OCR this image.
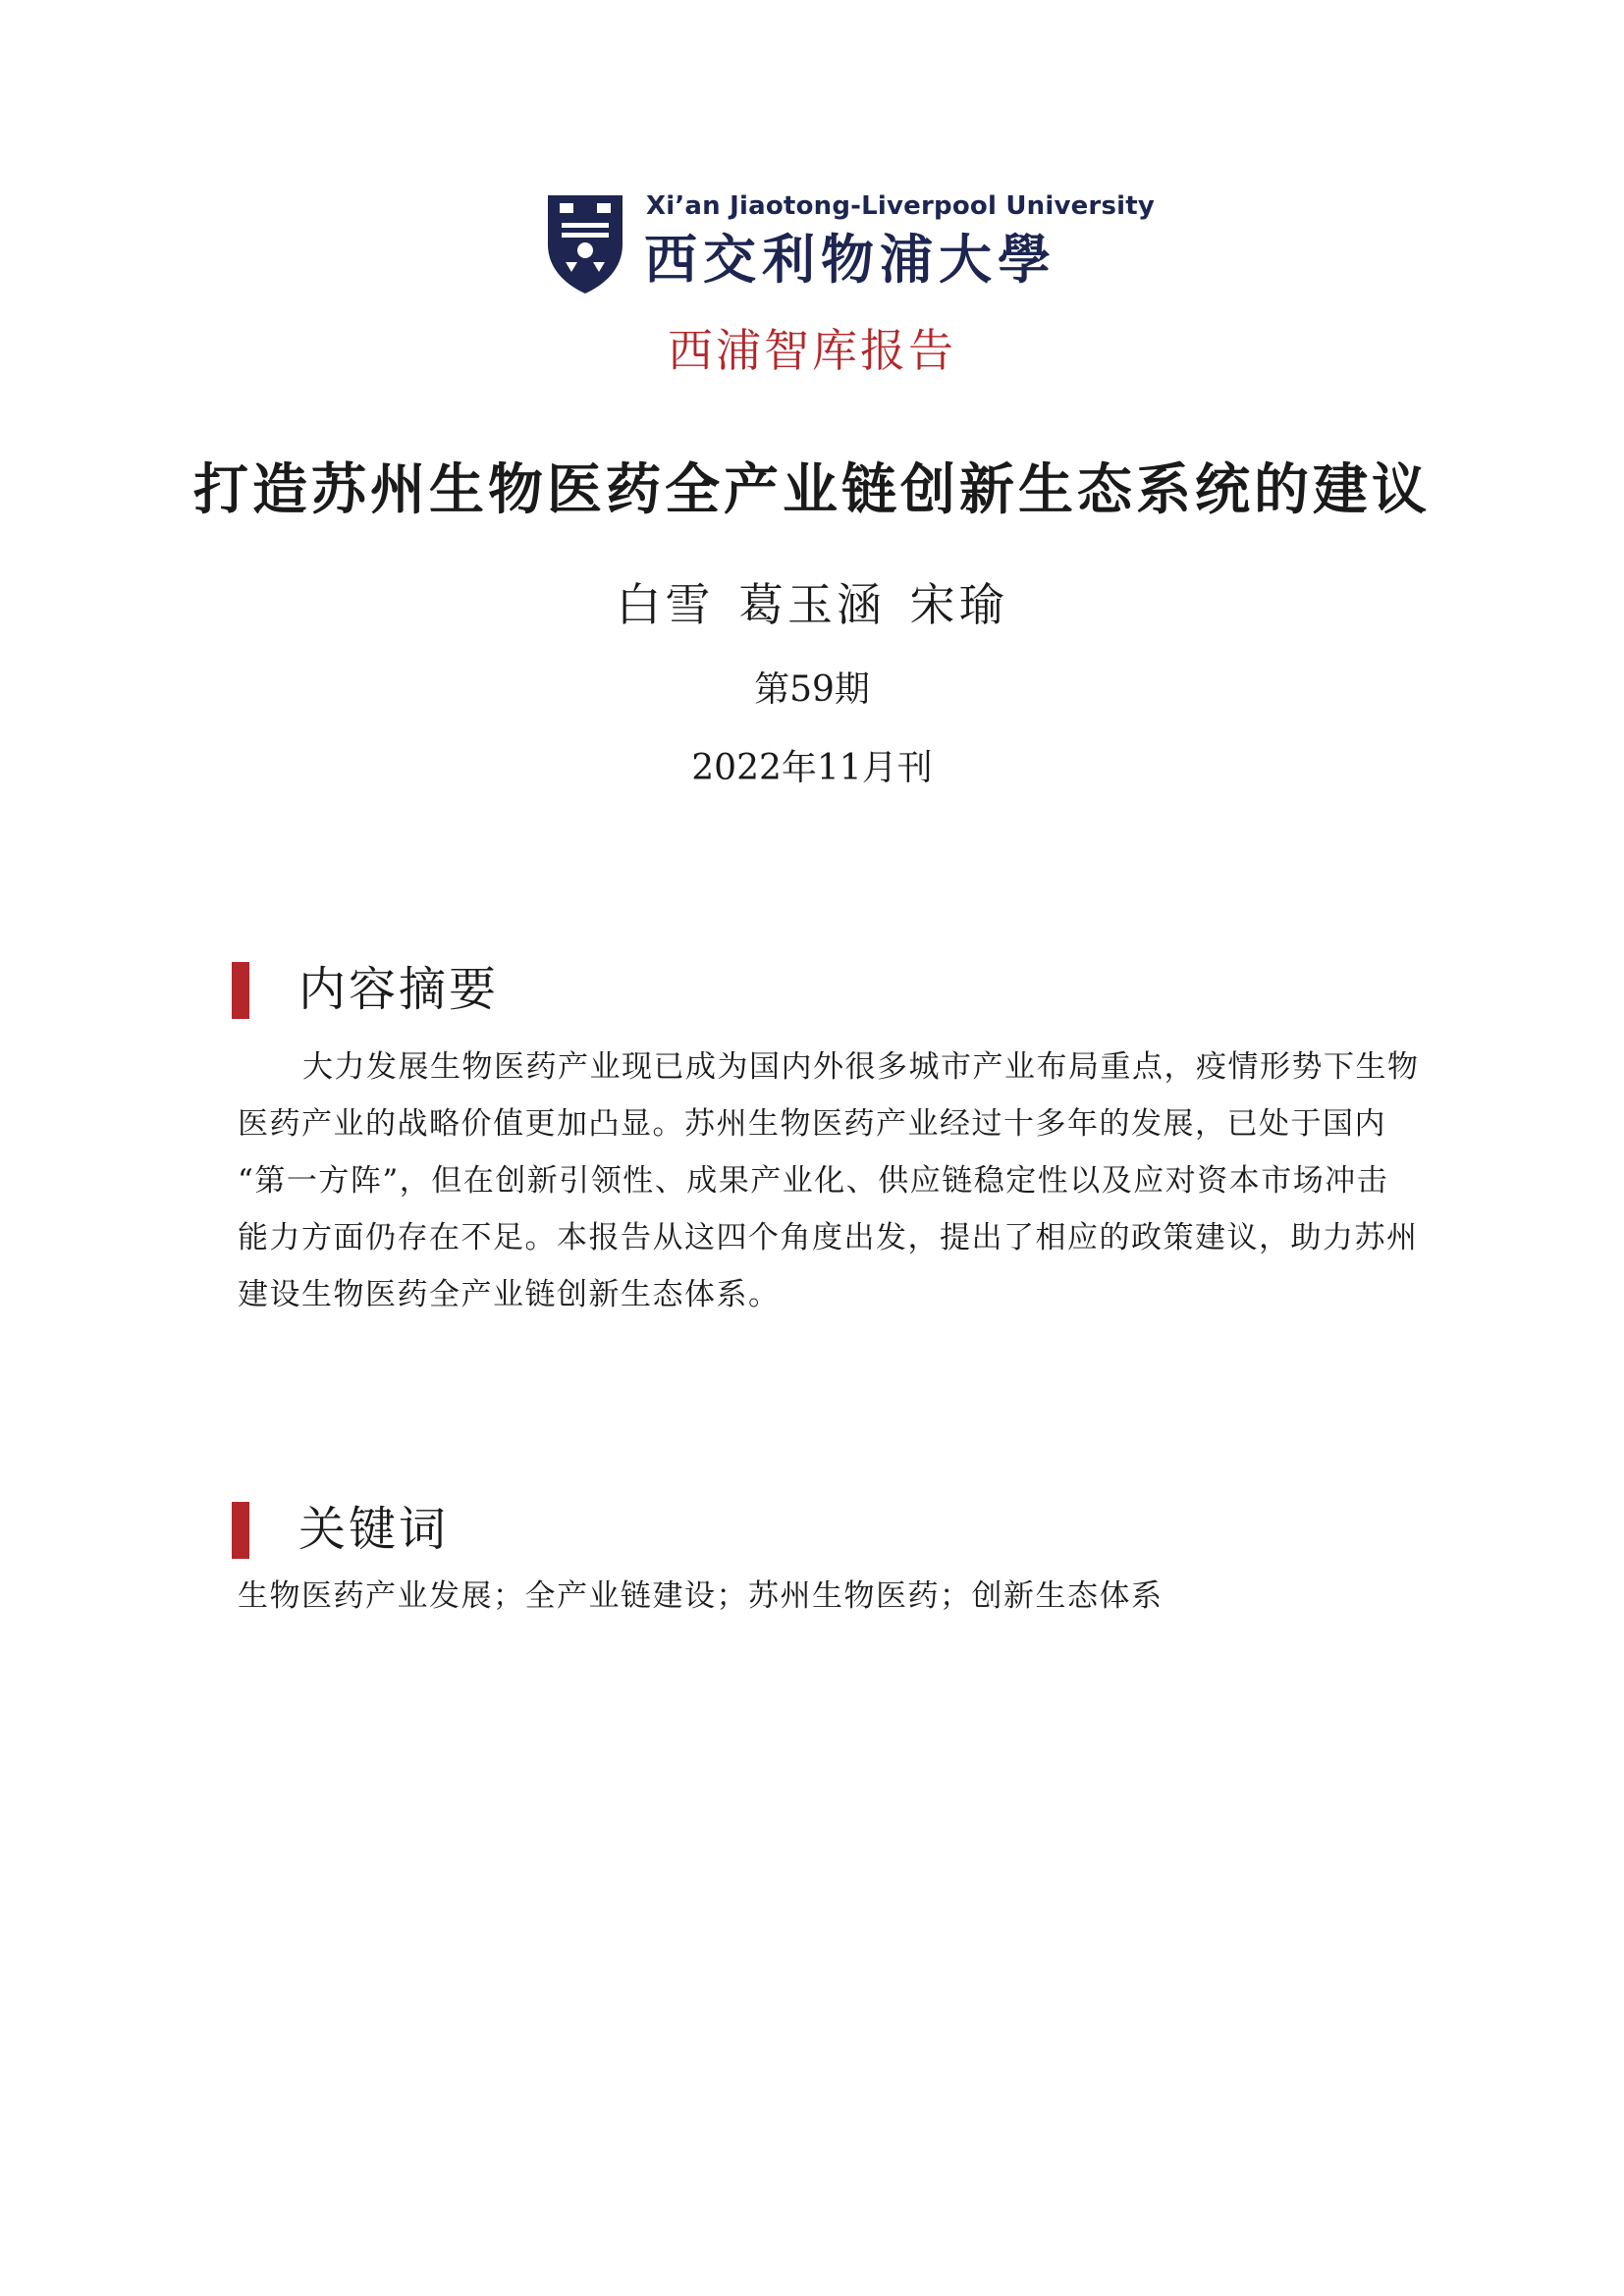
Xi’an Jiaotong-Liverpool University
西交利物浦大學
西浦智库报告
打造苏州生物医药全产业链创新生态系统的建议
白雪 葛玉涵 宋瑜
第59期
2022年11月刊
内容摘要
大力发展生物医药产业现已成为国内外很多城市产业布局重点，疫情形势下生物
医药产业的战略价值更加凸显。苏州生物医药产业经过十多年的发展，已处于国内
“第一方阵”，但在创新引领性、成果产业化、供应链稳定性以及应对资本市场冲击
能力方面仍存在不足。本报告从这四个角度出发，提出了相应的政策建议，助力苏州
建设生物医药全产业链创新生态体系。
关键词
生物医药产业发展；全产业链建设；苏州生物医药；创新生态体系
